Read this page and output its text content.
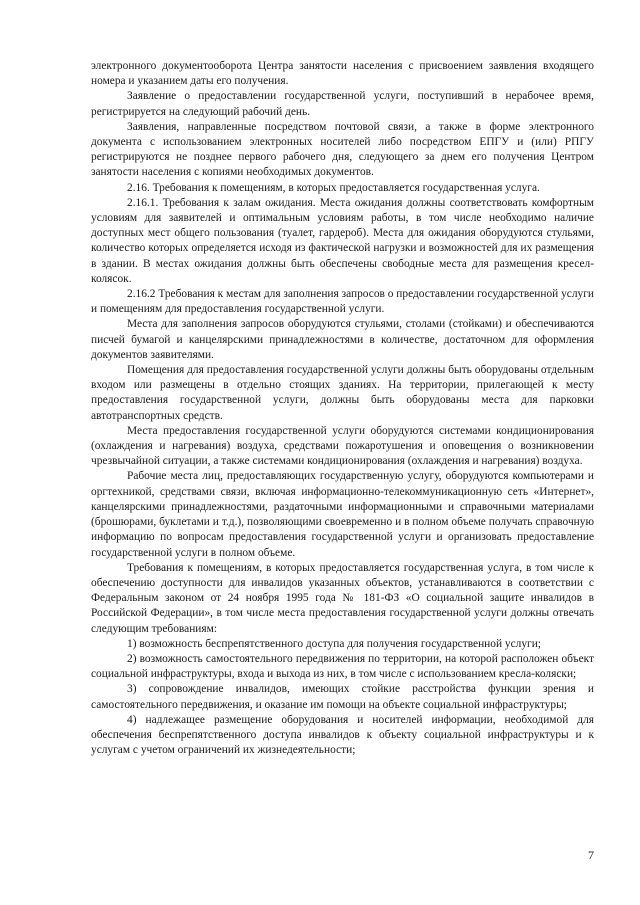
электронного документооборота Центра занятости населения с присвоением заявления входящего номера и указанием даты его получения.

Заявление о предоставлении государственной услуги, поступивший в нерабочее время, регистрируется на следующий рабочий день.

Заявления, направленные посредством почтовой связи, а также в форме электронного документа с использованием электронных носителей либо посредством ЕПГУ и (или) РПГУ регистрируются не позднее первого рабочего дня, следующего за днем его получения Центром занятости населения с копиями необходимых документов.

2.16. Требования к помещениям, в которых предоставляется государственная услуга.

2.16.1. Требования к залам ожидания. Места ожидания должны соответствовать комфортным условиям для заявителей и оптимальным условиям работы, в том числе необходимо наличие доступных мест общего пользования (туалет, гардероб). Места для ожидания оборудуются стульями, количество которых определяется исходя из фактической нагрузки и возможностей для их размещения в здании. В местах ожидания должны быть обеспечены свободные места для размещения кресел-колясок.

2.16.2 Требования к местам для заполнения запросов о предоставлении государственной услуги и помещениям для предоставления государственной услуги.

Места для заполнения запросов оборудуются стульями, столами (стойками) и обеспечиваются писчей бумагой и канцелярскими принадлежностями в количестве, достаточном для оформления документов заявителями.

Помещения для предоставления государственной услуги должны быть оборудованы отдельным входом или размещены в отдельно стоящих зданиях. На территории, прилегающей к месту предоставления государственной услуги, должны быть оборудованы места для парковки автотранспортных средств.

Места предоставления государственной услуги оборудуются системами кондиционирования (охлаждения и нагревания) воздуха, средствами пожаротушения и оповещения о возникновении чрезвычайной ситуации, а также системами кондиционирования (охлаждения и нагревания) воздуха.

Рабочие места лиц, предоставляющих государственную услугу, оборудуются компьютерами и оргтехникой, средствами связи, включая информационно-телекоммуникационную сеть «Интернет», канцелярскими принадлежностями, раздаточными информационными и справочными материалами (брошюрами, буклетами и т.д.), позволяющими своевременно и в полном объеме получать справочную информацию по вопросам предоставления государственной услуги и организовать предоставление государственной услуги в полном объеме.

Требования к помещениям, в которых предоставляется государственная услуга, в том числе к обеспечению доступности для инвалидов указанных объектов, устанавливаются в соответствии с Федеральным законом от 24 ноября 1995 года № 181-ФЗ «О социальной защите инвалидов в Российской Федерации», в том числе места предоставления государственной услуги должны отвечать следующим требованиям:

1) возможность беспрепятственного доступа для получения государственной услуги;

2) возможность самостоятельного передвижения по территории, на которой расположен объект социальной инфраструктуры, входа и выхода из них, в том числе с использованием кресла-коляски;

3) сопровождение инвалидов, имеющих стойкие расстройства функции зрения и самостоятельного передвижения, и оказание им помощи на объекте социальной инфраструктуры;

4) надлежащее размещение оборудования и носителей информации, необходимой для обеспечения беспрепятственного доступа инвалидов к объекту социальной инфраструктуры и к услугам с учетом ограничений их жизнедеятельности;

7
